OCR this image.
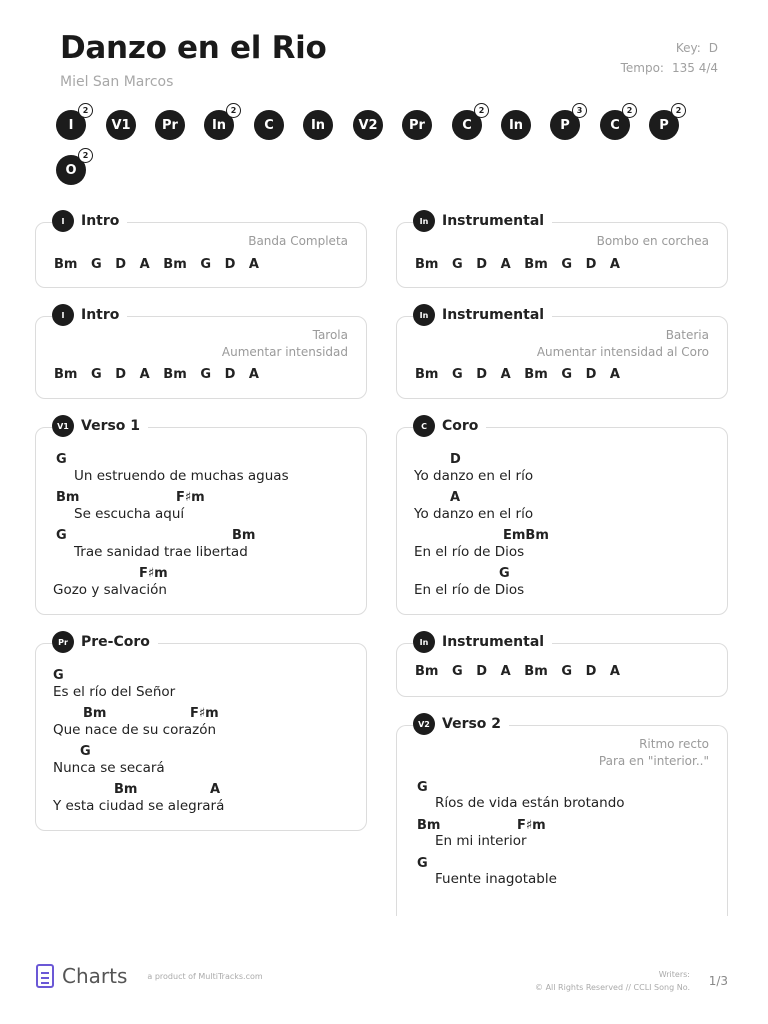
Danzo en el Rio
Miel San Marcos
Key: D
Tempo: 135 4/4
I
2
V1 Pr	In
2
C	In	V2 Pr	C
2
In	P
3
C
2
P
2
O
2
I	Intro
Banda Completa
Bm   G   D   A   Bm   G   D   A
I	Intro
Tarola
Aumentar intensidad
Bm   G   D   A   Bm   G   D   A
V1 Verso 1
G
Un estruendo de muchas aguas
Bm	F♯m
Se escucha aquí
G	Bm
Trae sanidad trae libertad
F♯m
Gozo y salvación
Pr Pre-Coro
G
Es el río del Señor
Bm	F♯m
Que nace de su corazón
G
Nunca se secará
Bm	A
Y esta ciudad se alegrará
In Instrumental
Bombo en corchea
Bm   G   D   A   Bm   G   D   A
In Instrumental
Bateria
Aumentar intensidad al Coro
Bm   G   D   A   Bm   G   D   A
C	Coro
D
Yo danzo en el río
A
Yo danzo en el río
EmBm
En el río de Dios
G
En el río de Dios
In Instrumental
Bm   G   D   A   Bm   G   D   A
V2 Verso 2
Ritmo recto
Para en "interior.."
G
Ríos de vida están brotando
Bm	F♯m
En mi interior
G
Fuente inagotable
Charts	a product of MultiTracks.com	Writers:
© All Rights Reserved // CCLI Song No. 1/3
